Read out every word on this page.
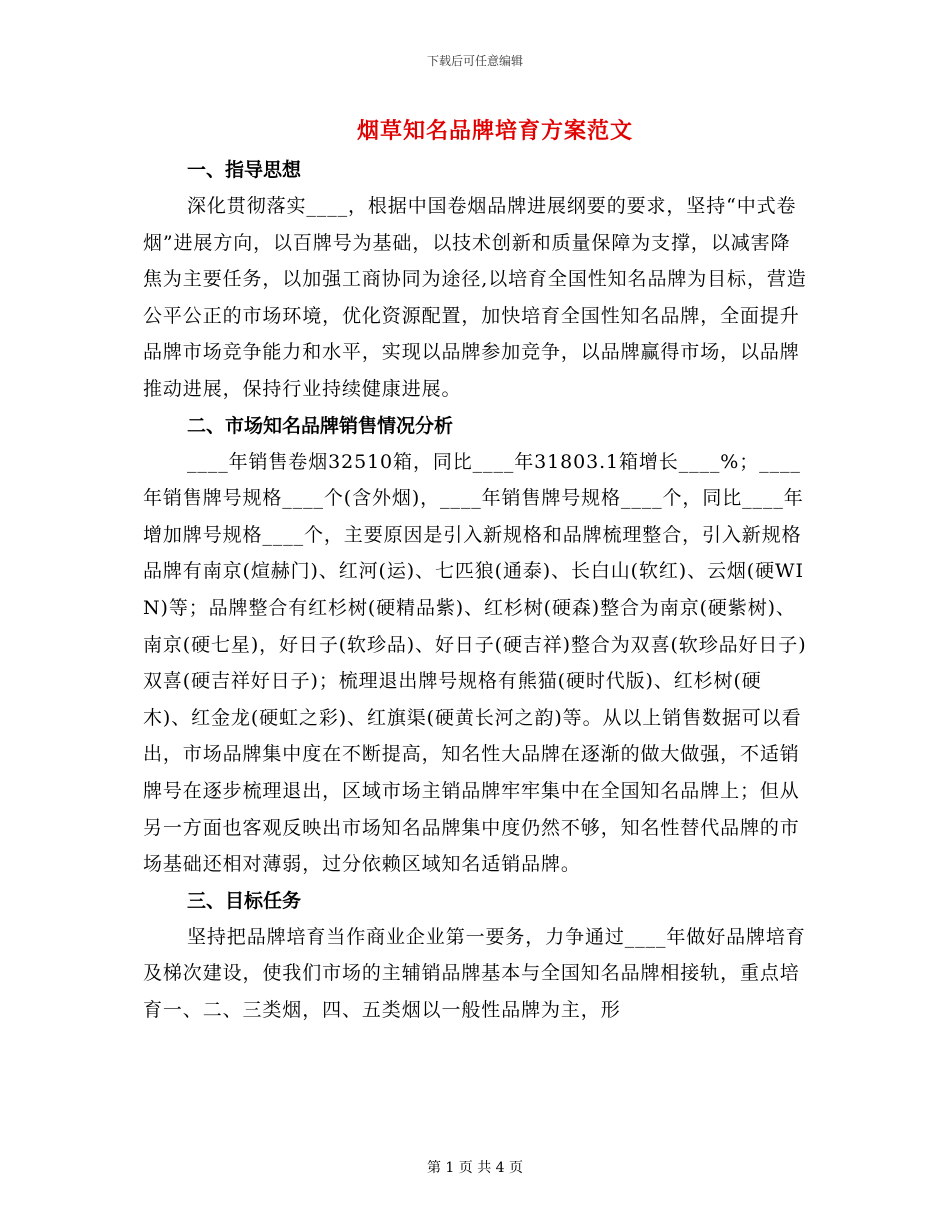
下载后可任意编辑
烟草知名品牌培育方案范文
一、指导思想

深化贯彻落实____，根据中国卷烟品牌进展纲要的要求，坚持“中式卷烟”进展方向，以百牌号为基础，以技术创新和质量保障为支撑，以减害降焦为主要任务，以加强工商协同为途径,以培育全国性知名品牌为目标，营造公平公正的市场环境，优化资源配置，加快培育全国性知名品牌，全面提升品牌市场竞争能力和水平，实现以品牌参加竞争，以品牌赢得市场，以品牌推动进展，保持行业持续健康进展。

二、市场知名品牌销售情况分析

____年销售卷烟32510箱，同比____年31803.1箱增长____%；____年销售牌号规格____个(含外烟)，____年销售牌号规格____个，同比____年增加牌号规格____个，主要原因是引入新规格和品牌梳理整合，引入新规格品牌有南京(煊赫门)、红河(运)、七匹狼(通泰)、长白山(软红)、云烟(硬WIN)等；品牌整合有红杉树(硬精品紫)、红杉树(硬森)整合为南京(硬紫树)、南京(硬七星)，好日子(软珍品)、好日子(硬吉祥)整合为双喜(软珍品好日子)双喜(硬吉祥好日子)；梳理退出牌号规格有熊猫(硬时代版)、红杉树(硬木)、红金龙(硬虹之彩)、红旗渠(硬黄长河之韵)等。从以上销售数据可以看出，市场品牌集中度在不断提高，知名性大品牌在逐渐的做大做强，不适销牌号在逐步梳理退出，区域市场主销品牌牢牢集中在全国知名品牌上；但从另一方面也客观反映出市场知名品牌集中度仍然不够，知名性替代品牌的市场基础还相对薄弱，过分依赖区域知名适销品牌。

三、目标任务

坚持把品牌培育当作商业企业第一要务，力争通过____年做好品牌培育及梯次建设，使我们市场的主辅销品牌基本与全国知名品牌相接轨，重点培育一、二、三类烟，四、五类烟以一般性品牌为主，形

第 1 页 共 4 页
